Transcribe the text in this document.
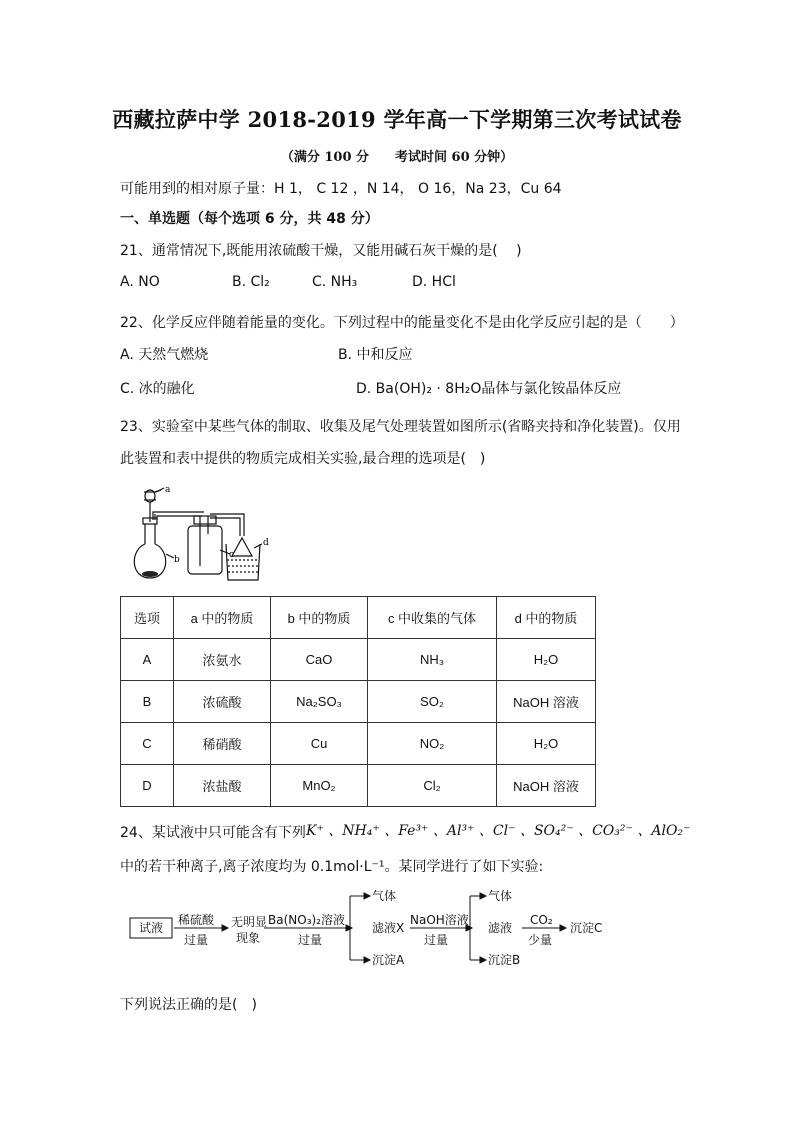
西藏拉萨中学 2018-2019 学年高一下学期第三次考试试卷
（满分 100 分　　考试时间 60 分钟）
可能用到的相对原子量：H 1， C 12 ，N 14， O 16，Na 23，Cu 64
一、单选题（每个选项 6 分，共 48 分）
21、通常情况下,既能用浓硫酸干燥，又能用碱石灰干燥的是(　 )
A. NO	B. Cl₂	C. NH₃	D. HCl
22、化学反应伴随着能量的变化。下列过程中的能量变化不是由化学反应引起的是（　　）
A. 天然气燃烧	B. 中和反应
C. 冰的融化	D. Ba(OH)₂ · 8H₂O晶体与氯化铵晶体反应
23、实验室中某些气体的制取、收集及尾气处理装置如图所示(省略夹持和净化装置)。仅用
此装置和表中提供的物质完成相关实验,最合理的选项是(　)
a
b	c
d
选项	a 中的物质	b 中的物质	c 中收集的气体	d 中的物质
A	浓氨水	CaO	NH₃	H₂O
B	浓硫酸	Na₂SO₃	SO₂	NaOH 溶液
C	稀硝酸	Cu	NO₂	H₂O
D	浓盐酸	MnO₂	Cl₂	NaOH 溶液
24、某试液中只可能含有下列 K⁺ 、NH₄⁺ 、Fe³⁺ 、Al³⁺ 、Cl⁻ 、SO₄²⁻ 、CO₃²⁻ 、AlO₂⁻
中的若干种离子,离子浓度均为 0.1mol·L⁻¹。某同学进行了如下实验:
试液
稀硫酸
过量
无明显
现象
Ba(NO₃)₂溶液
过量
气体
滤液X
沉淀A
NaOH溶液
过量
气体
滤液
沉淀B
CO₂
少量
沉淀C
下列说法正确的是(　)
